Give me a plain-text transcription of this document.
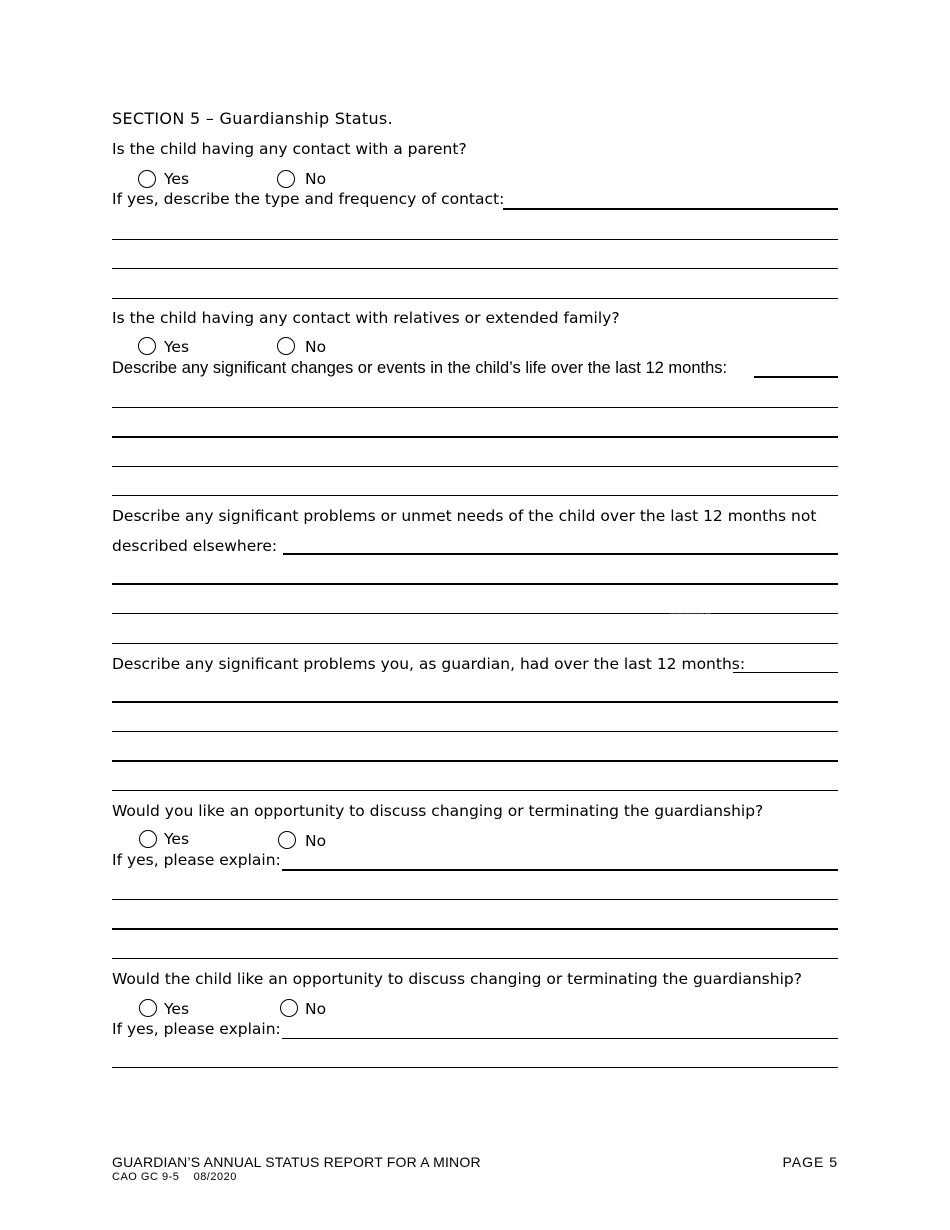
SECTION 5 – Guardianship Status.
Is the child having any contact with a parent?
Yes	No
If yes, describe the type and frequency of contact:
Is the child having any contact with relatives or extended family?
Yes	No
Describe any significant changes or events in the child’s life over the last 12 months:
Describe any significant problems or unmet needs of the child over the last 12 months not
described elsewhere:
______
Describe any significant problems you, as guardian, had over the last 12 months:
_____
Would you like an opportunity to discuss changing or terminating the guardianship?
Yes	No
If yes, please explain:
Would the child like an opportunity to discuss changing or terminating the guardianship?
Yes	No
If yes, please explain:
GUARDIAN’S ANNUAL STATUS REPORT FOR A MINOR
CAO GC 9-5    08/2020
PAGE 5
